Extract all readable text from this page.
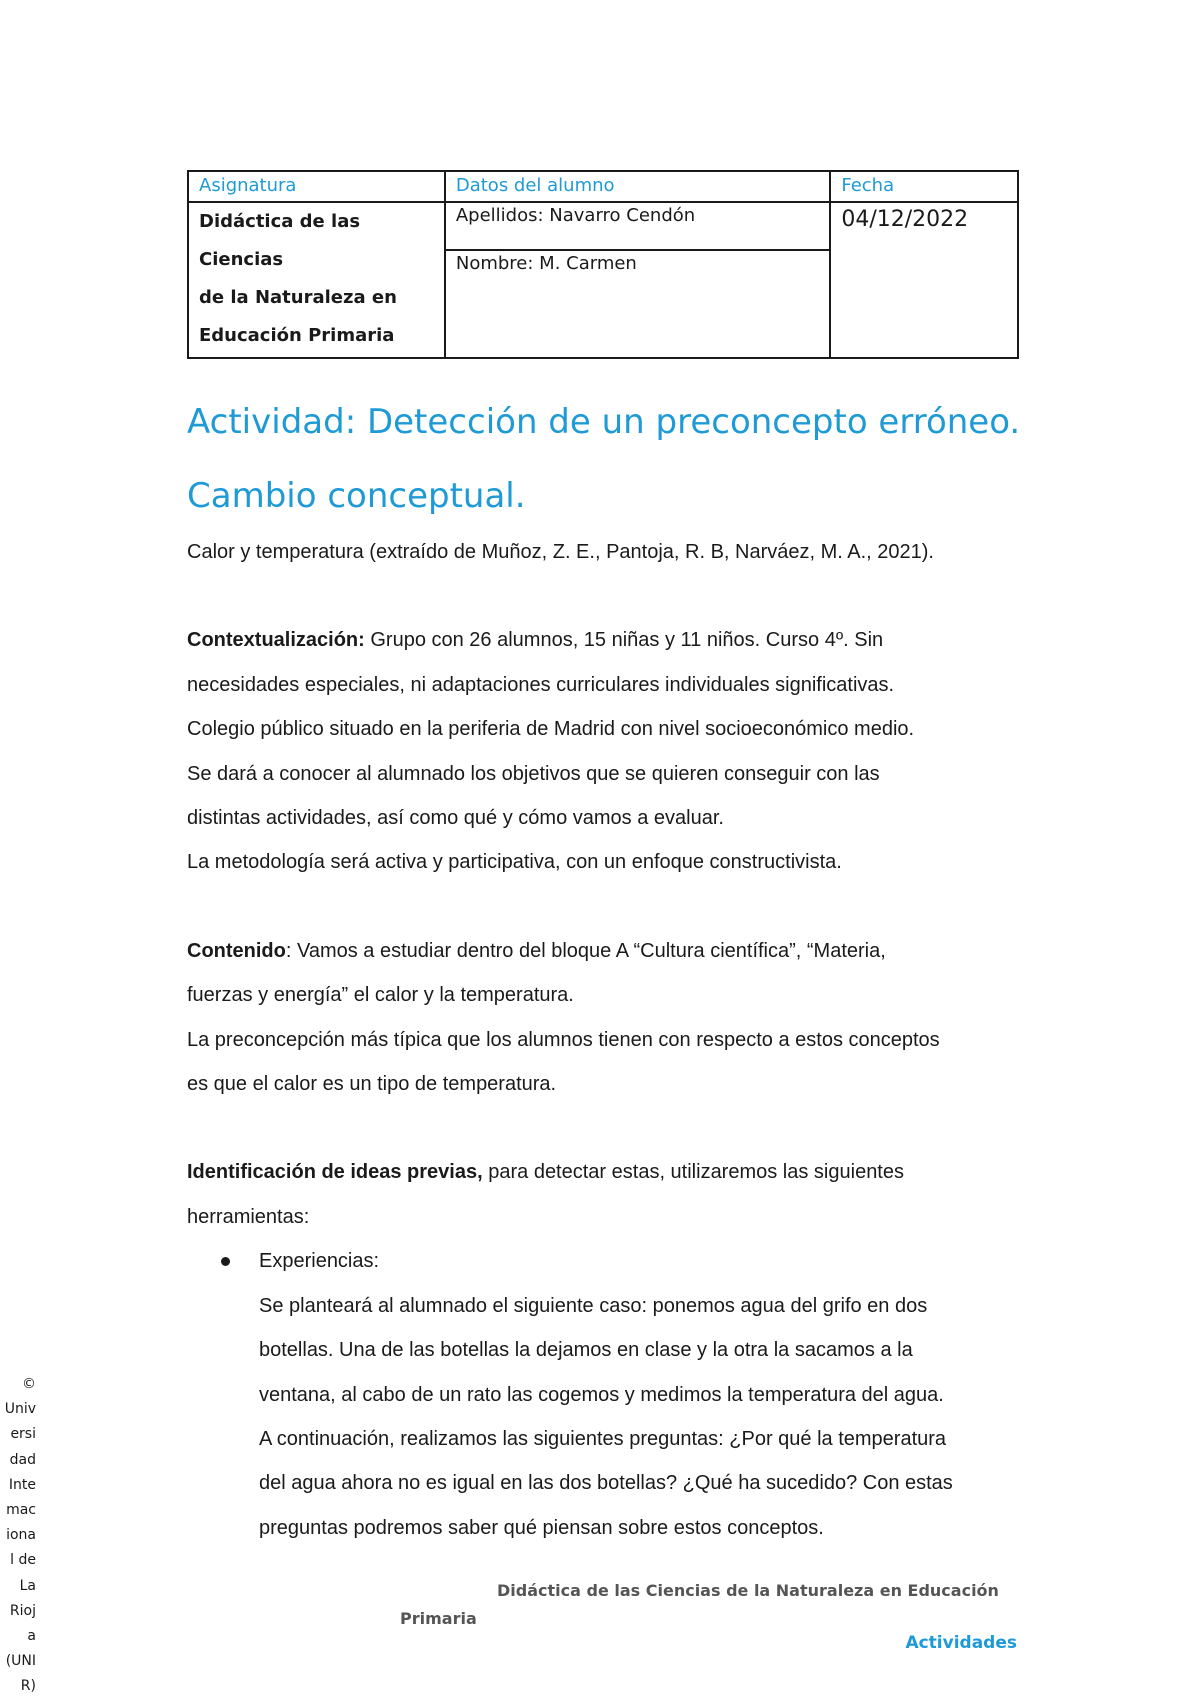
Asignatura	Datos del alumno	Fecha

Didáctica de las Ciencias
de la Naturaleza en
Educación Primaria	Apellidos: Navarro Cendón	04/12/2022
	Nombre: M. Carmen	
Actividad: Detección de un preconcepto erróneo.
Cambio conceptual.

Calor y temperatura (extraído de Muñoz, Z. E., Pantoja, R. B, Narváez, M. A., 2021).

Contextualización: Grupo con 26 alumnos, 15 niñas y 11 niños. Curso 4º. Sin

necesidades especiales, ni adaptaciones curriculares individuales significativas.

Colegio público situado en la periferia de Madrid con nivel socioeconómico medio.

Se dará a conocer al alumnado los objetivos que se quieren conseguir con las

distintas actividades, así como qué y cómo vamos a evaluar.

La metodología será activa y participativa, con un enfoque constructivista.

Contenido: Vamos a estudiar dentro del bloque A “Cultura científica”, “Materia,

fuerzas y energía” el calor y la temperatura.

La preconcepción más típica que los alumnos tienen con respecto a estos conceptos

es que el calor es un tipo de temperatura.

Identificación de ideas previas, para detectar estas, utilizaremos las siguientes

herramientas:

Experiencias:

Se planteará al alumnado el siguiente caso: ponemos agua del grifo en dos

botellas. Una de las botellas la dejamos en clase y la otra la sacamos a la

ventana, al cabo de un rato las cogemos y medimos la temperatura del agua.

A continuación, realizamos las siguientes preguntas: ¿Por qué la temperatura

del agua ahora no es igual en las dos botellas? ¿Qué ha sucedido? Con estas

preguntas podremos saber qué piensan sobre estos conceptos.

©
Univ
ersi
dad
Inte
mac
iona
l de
La
Rioj
a
(UNI
R)
Didáctica de las Ciencias de la Naturaleza en Educación
Primaria
Actividades
